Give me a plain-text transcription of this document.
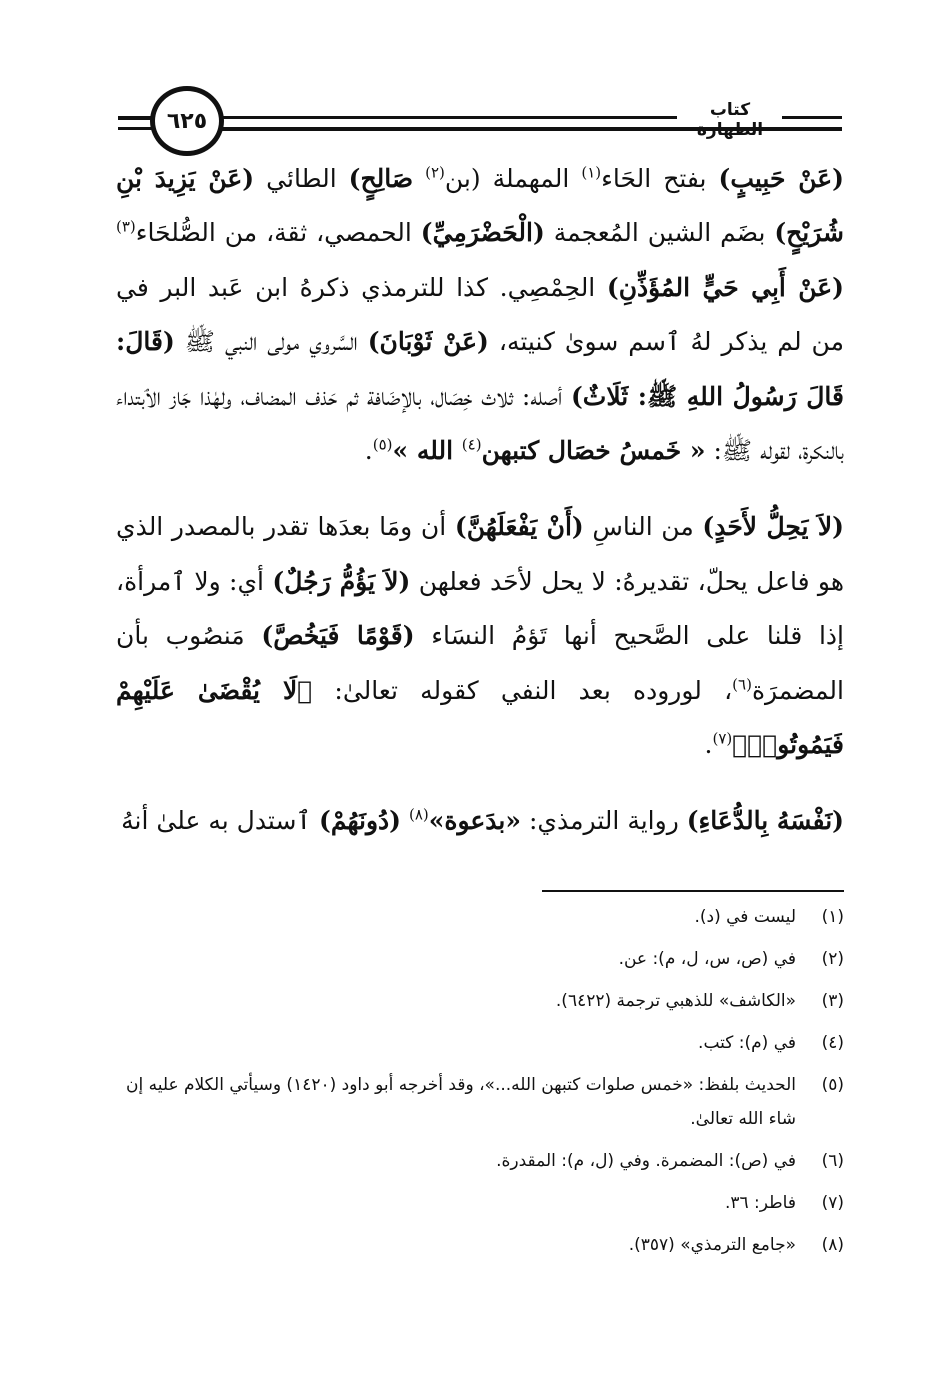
كتاب الطهارة
٦٢٥

(عَنْ حَبِيبٍ) بفتح الحَاء$^{(١)}$ المهملة (بن$^{(٢)}$ صَالِحٍ) الطائي (عَنْ يَزِيدَ بْنِ شُرَيْحٍ) بضَم الشين المُعجمة (الْحَضْرَمِيِّ) الحمصي، ثقة، من الصُّلحَاء$^{(٣)}$ (عَنْ أَبِي حَيٍّ المُؤَذِّنِ) الحِمْصِي. كذا للترمذي ذكرهُ ابن عَبد البر في من لم يذكر لهُ ٱسم سوىٰ كنيته، (عَنْ ثَوْبَانَ) السَّروي مولى النبي ﷺ (قَالَ: قَالَ رَسُولُ اللهِ ﷺ: ثَلَاثٌ) أصله: ثلاث خِصَال، بالإضَافة ثم حَذف المضاف، ولهٰذا جَاز الٱبتداء بالنكرة، لقوله ﷺ: « خَمسُ خصَال كتبهن$^{(٤)}$ الله »$^{(٥)}$.

(لاَ يَحِلُّ لأَحَدٍ) من الناسِ (أَنْ يَفْعَلَهُنَّ) أن ومَا بعدَها تقدر بالمصدر الذي هو فاعل يحلّ، تقديرهُ: لا يحل لأحَد فعلهن (لاَ يَؤُمُّ رَجُلٌ) أي: ولا ٱمرأة، إذا قلنا على الصَّحيح أنها تَؤمُ النسَاء (قَوْمًا فَيَخُصَّ) مَنصُوب بأن المضمرَة$^{(٦)}$، لوروده بعد النفي كقوله تعالىٰ: ﴿لَا يُقْضَىٰ عَلَيْهِمْ فَيَمُوتُوا۟﴾$^{(٧)}$.

(نَفْسَهُ بِالدُّعَاءِ) رواية الترمذي: «بدَعوة»$^{(٨)}$ (دُونَهُمْ) ٱستدل به علىٰ أنهُ

(١)
ليست في (د).
(٢)
في (ص، س، ل، م): عن.
(٣)
«الكاشف» للذهبي ترجمة (٦٤٢٢).
(٤)
في (م): كتب.
(٥)
الحديث بلفظ: «خمس صلوات كتبهن الله...»، وقد أخرجه أبو داود (١٤٢٠) وسيأتي الكلام عليه إن شاء الله تعالىٰ.
(٦)
في (ص): المضمرة. وفي (ل، م): المقدرة.
(٧)
فاطر: ٣٦.
(٨)
«جامع الترمذي» (٣٥٧).
